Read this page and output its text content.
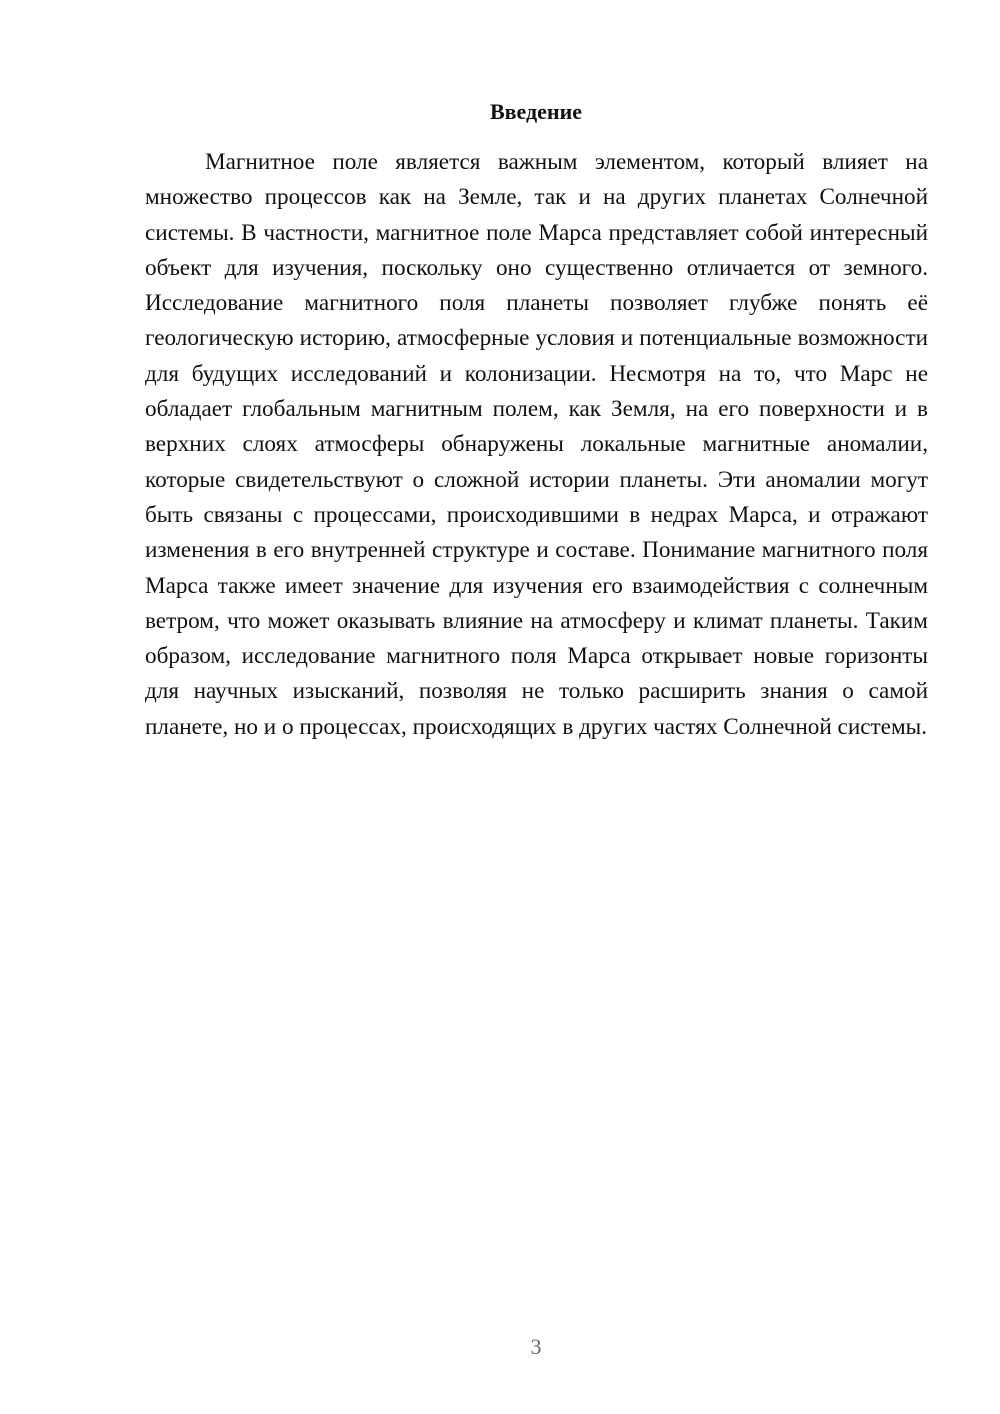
Введение

Магнитное поле является важным элементом, который влияет на множество процессов как на Земле, так и на других планетах Солнечной системы. В частности, магнитное поле Марса представляет собой интересный объект для изучения, поскольку оно существенно отличается от земного. Исследование магнитного поля планеты позволяет глубже понять её геологическую историю, атмосферные условия и потенциальные возможности для будущих исследований и колонизации. Несмотря на то, что Марс не обладает глобальным магнитным полем, как Земля, на его поверхности и в верхних слоях атмосферы обнаружены локальные магнитные аномалии, которые свидетельствуют о сложной истории планеты. Эти аномалии могут быть связаны с процессами, происходившими в недрах Марса, и отражают изменения в его внутренней структуре и составе. Понимание магнитного поля Марса также имеет значение для изучения его взаимодействия с солнечным ветром, что может оказывать влияние на атмосферу и климат планеты. Таким образом, исследование магнитного поля Марса открывает новые горизонты для научных изысканий, позволяя не только расширить знания о самой планете, но и о процессах, происходящих в других частях Солнечной системы.

3
